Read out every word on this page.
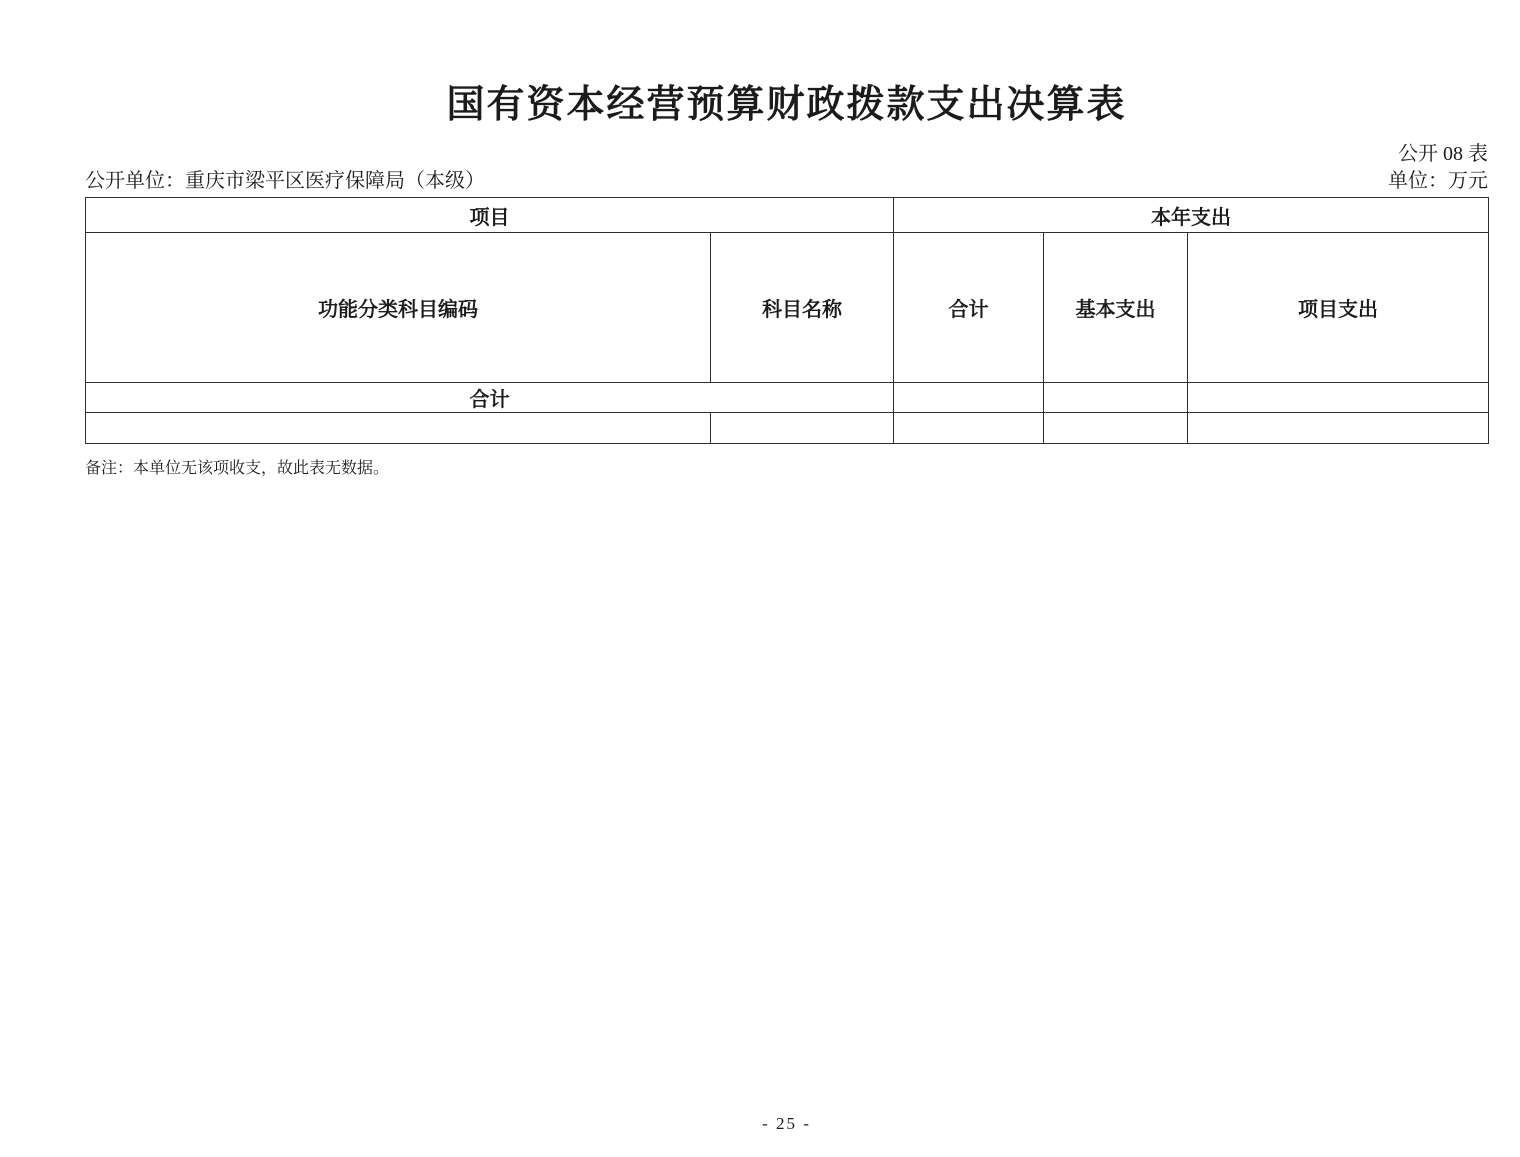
国有资本经营预算财政拨款支出决算表
公开 08 表
公开单位：重庆市梁平区医疗保障局（本级）	单位：万元
项目		本年支出		
功能分类科目编码	科目名称	合计	基本支出	项目支出
合计				

备注：本单位无该项收支，故此表无数据。
- 25 -
